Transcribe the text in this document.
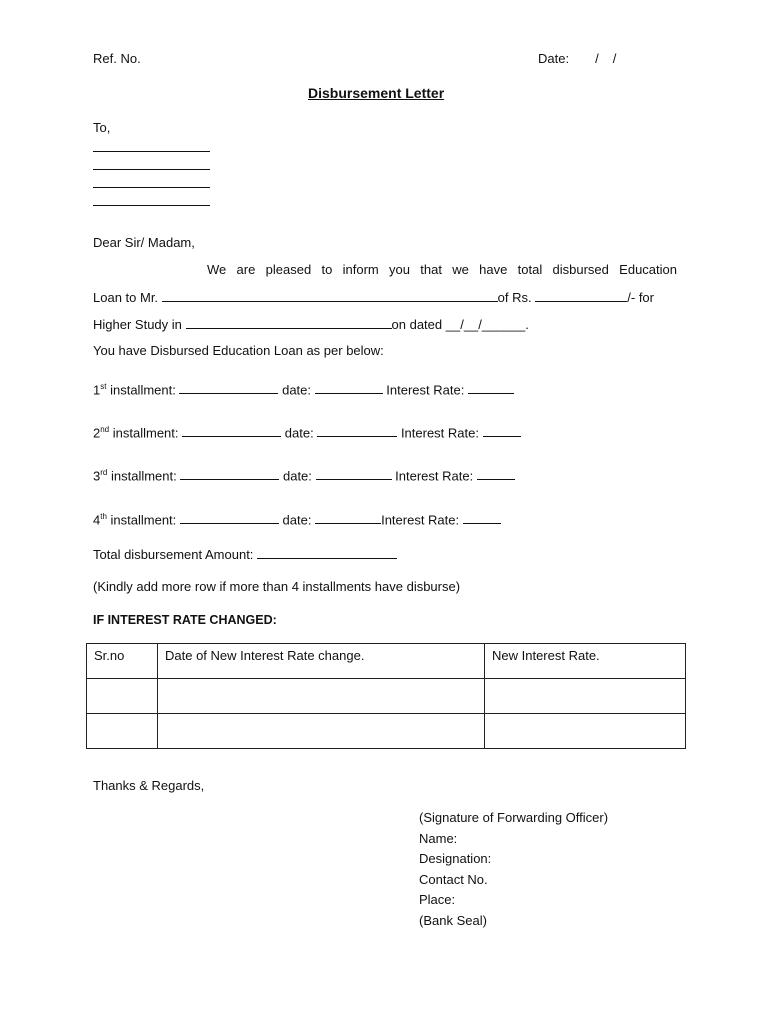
Ref. No.	Date: / /
Disbursement Letter
To,
Dear Sir/ Madam,
We are pleased to inform you that we have total disbursed Education
Loan to Mr.	of Rs.	/- for
Higher Study in	on dated __/__/______.
You have Disbursed Education Loan as per below:
1st installment:	date:	Interest Rate:
2nd installment:	date:	Interest Rate:
3rd installment:	date:	Interest Rate:
4th installment:	date:	Interest Rate:
Total disbursement Amount:
(Kindly add more row if more than 4 installments have disburse)
IF INTEREST RATE CHANGED:
Sr.no	Date of New Interest Rate change.	New Interest Rate.

Thanks & Regards,
(Signature of Forwarding Officer)
Name:
Designation:
Contact No.
Place:
(Bank Seal)
